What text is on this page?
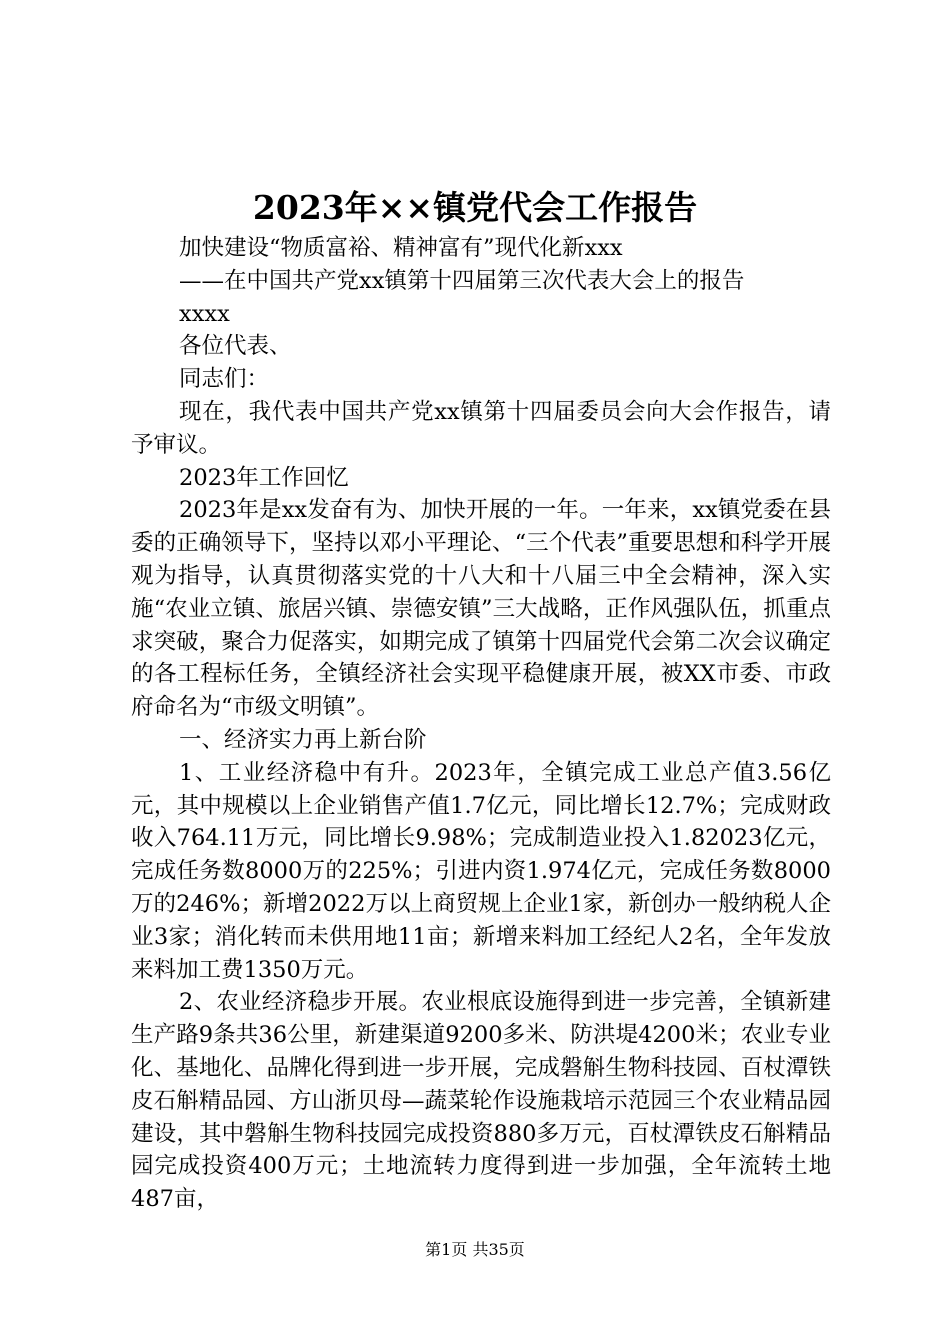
2023年××镇党代会工作报告

加快建设“物质富裕、精神富有”现代化新xxx

——在中国共产党xx镇第十四届第三次代表大会上的报告

xxxx

各位代表、

同志们：

现在，我代表中国共产党xx镇第十四届委员会向大会作报告，请予审议。

2023年工作回忆

2023年是xx发奋有为、加快开展的一年。一年来，xx镇党委在县委的正确领导下，坚持以邓小平理论、“三个代表”重要思想和科学开展观为指导，认真贯彻落实党的十八大和十八届三中全会精神，深入实施“农业立镇、旅居兴镇、崇德安镇”三大战略，正作风强队伍，抓重点求突破，聚合力促落实，如期完成了镇第十四届党代会第二次会议确定的各工程标任务，全镇经济社会实现平稳健康开展，被XX市委、市政府命名为“市级文明镇”。

一、经济实力再上新台阶

1、工业经济稳中有升。2023年，全镇完成工业总产值3.56亿元，其中规模以上企业销售产值1.7亿元，同比增长12.7%；完成财政收入764.11万元，同比增长9.98%；完成制造业投入1.82023亿元，完成任务数8000万的225%；引进内资1.974亿元，完成任务数8000万的246%；新增2022万以上商贸规上企业1家，新创办一般纳税人企业3家；消化转而未供用地11亩；新增来料加工经纪人2名，全年发放来料加工费1350万元。

2、农业经济稳步开展。农业根底设施得到进一步完善，全镇新建生产路9条共36公里，新建渠道9200多米、防洪堤4200米；农业专业化、基地化、品牌化得到进一步开展，完成磐斛生物科技园、百杖潭铁皮石斛精品园、方山浙贝母—蔬菜轮作设施栽培示范园三个农业精品园建设，其中磐斛生物科技园完成投资880多万元，百杖潭铁皮石斛精品园完成投资400万元；土地流转力度得到进一步加强，全年流转土地487亩，

第1页 共35页
